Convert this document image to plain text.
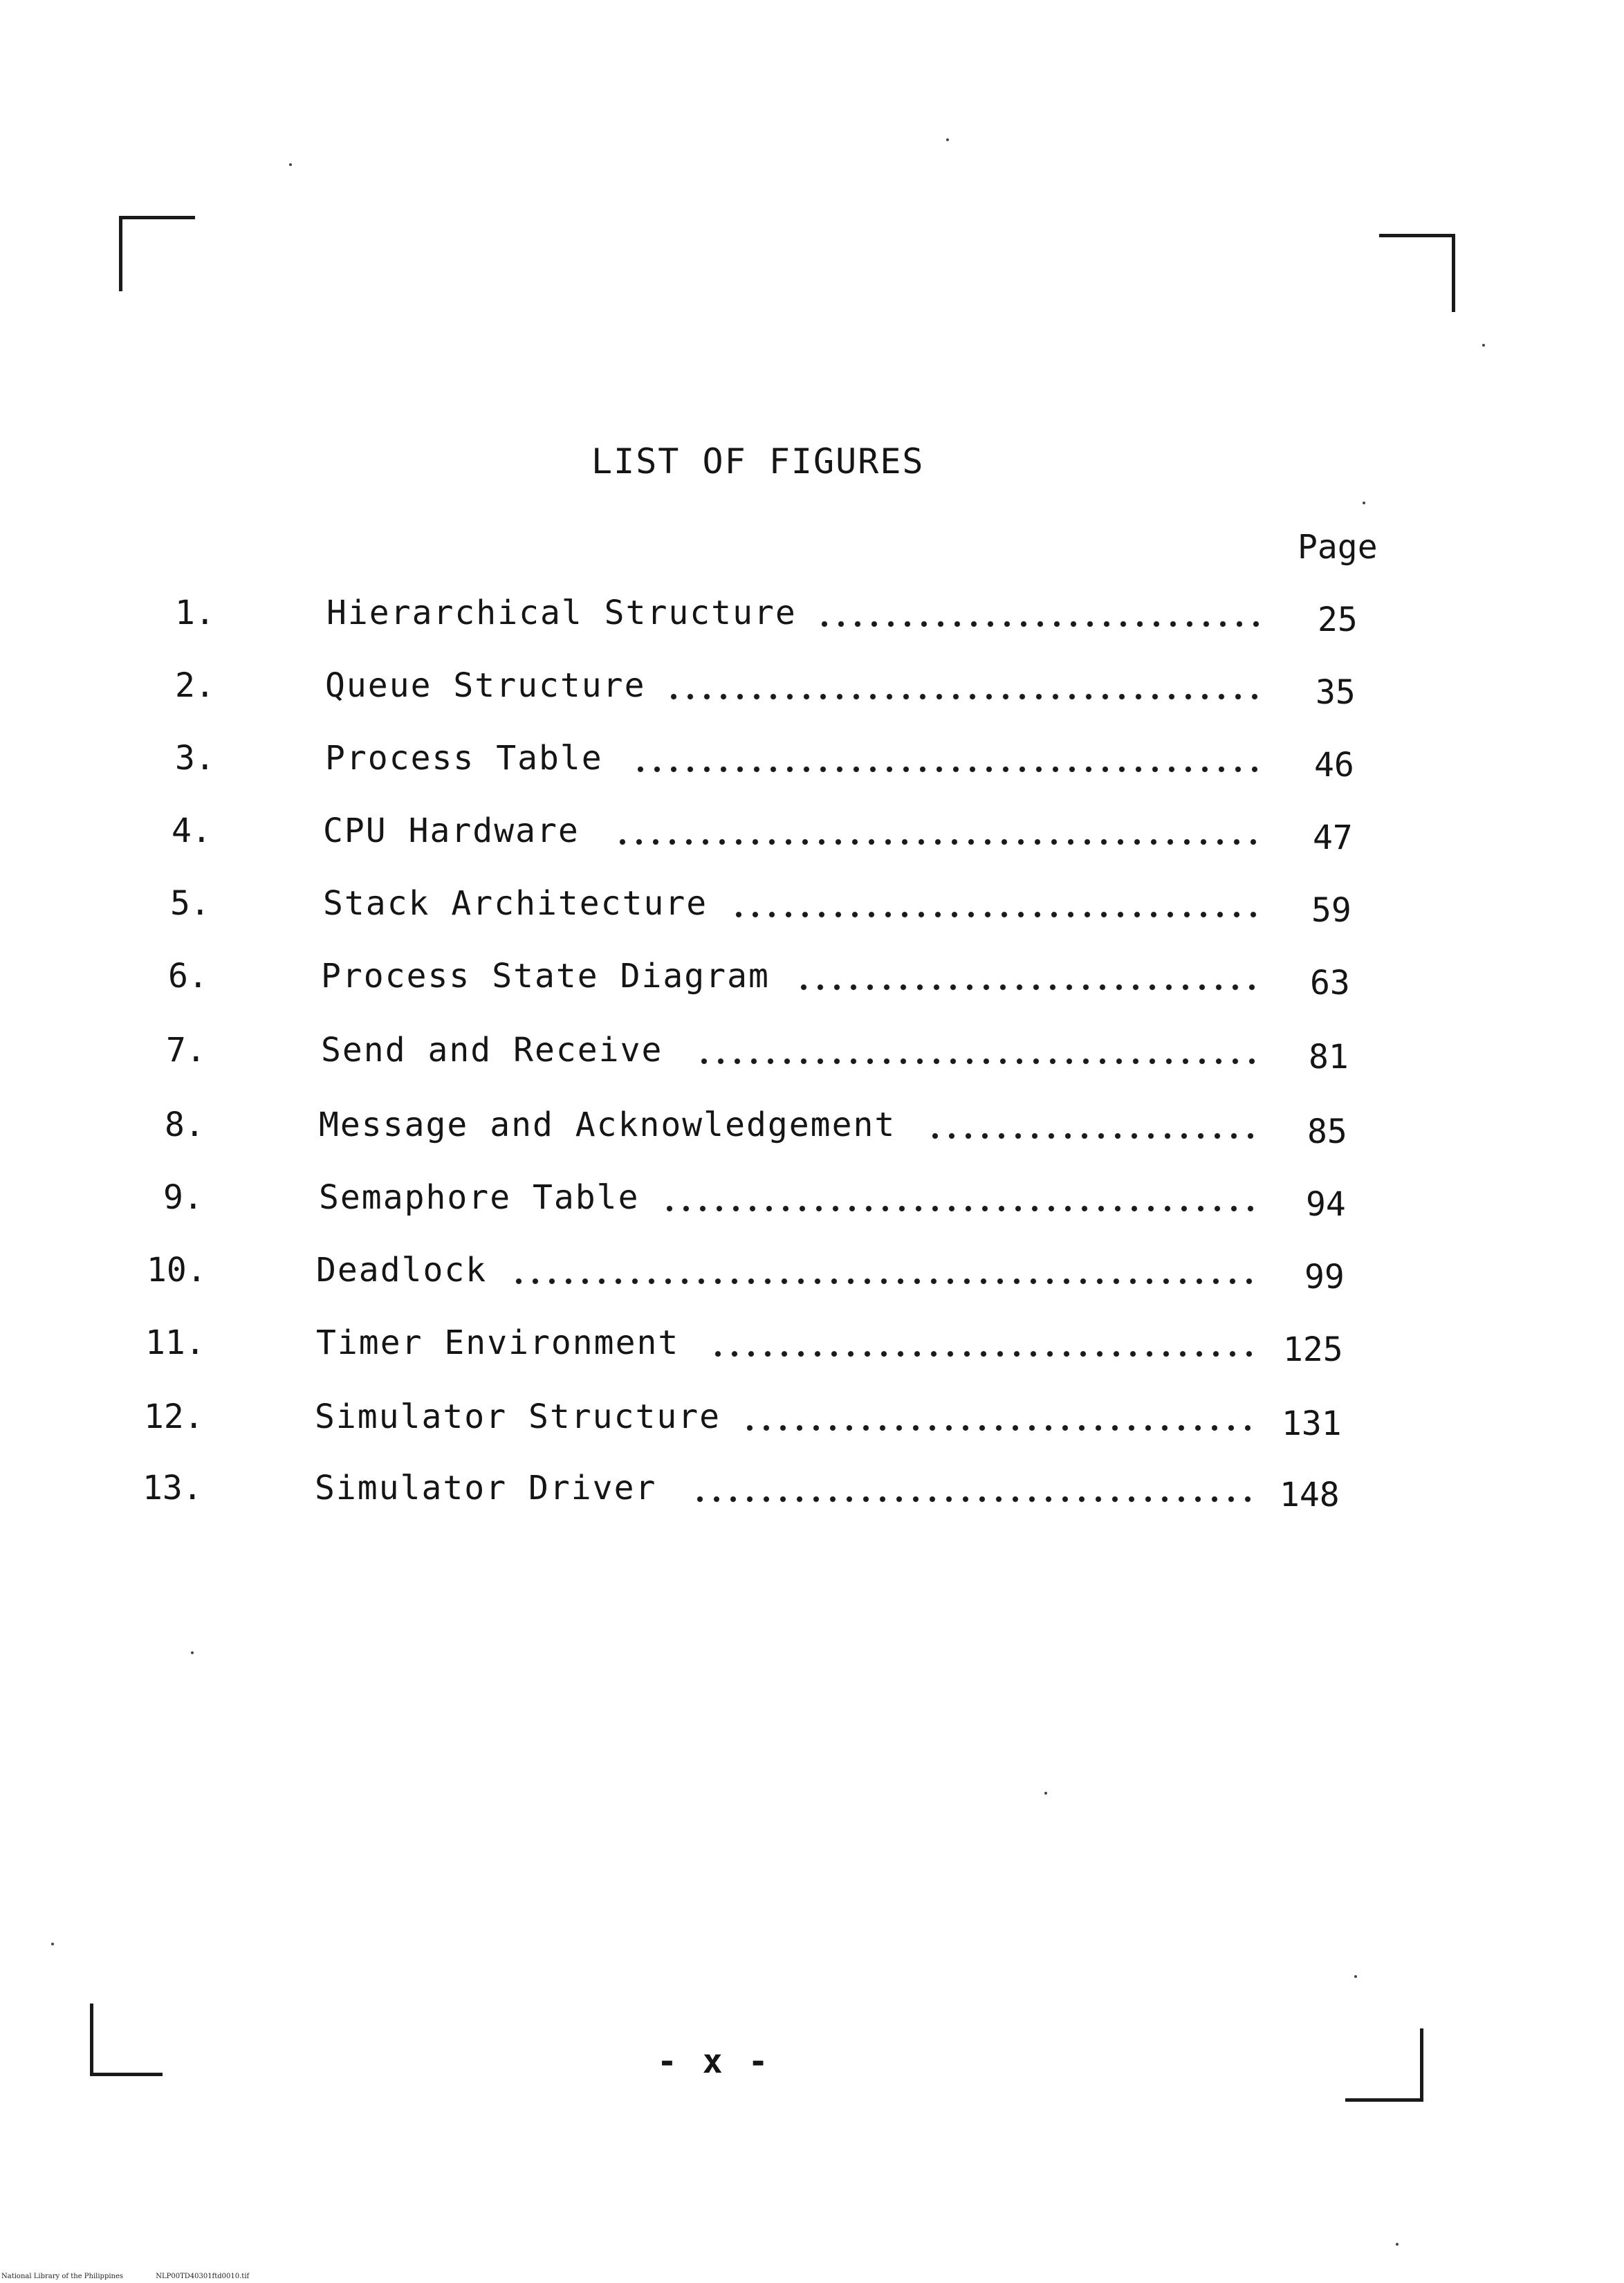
LIST OF FIGURES
Page
1.	Hierarchical Structure	25
2.	Queue Structure	35
3.	Process Table	46
4.	CPU Hardware	47
5.	Stack Architecture	59
6.	Process State Diagram	63
7.	Send and Receive	81
8.	Message and Acknowledgement	85
9.	Semaphore Table	94
10.	Deadlock	99
11.	Timer Environment	125
12.	Simulator Structure	131
13.	Simulator Driver	148
- x -
National Library of the Philippines	NLP00TD40301ftd0010.tif
